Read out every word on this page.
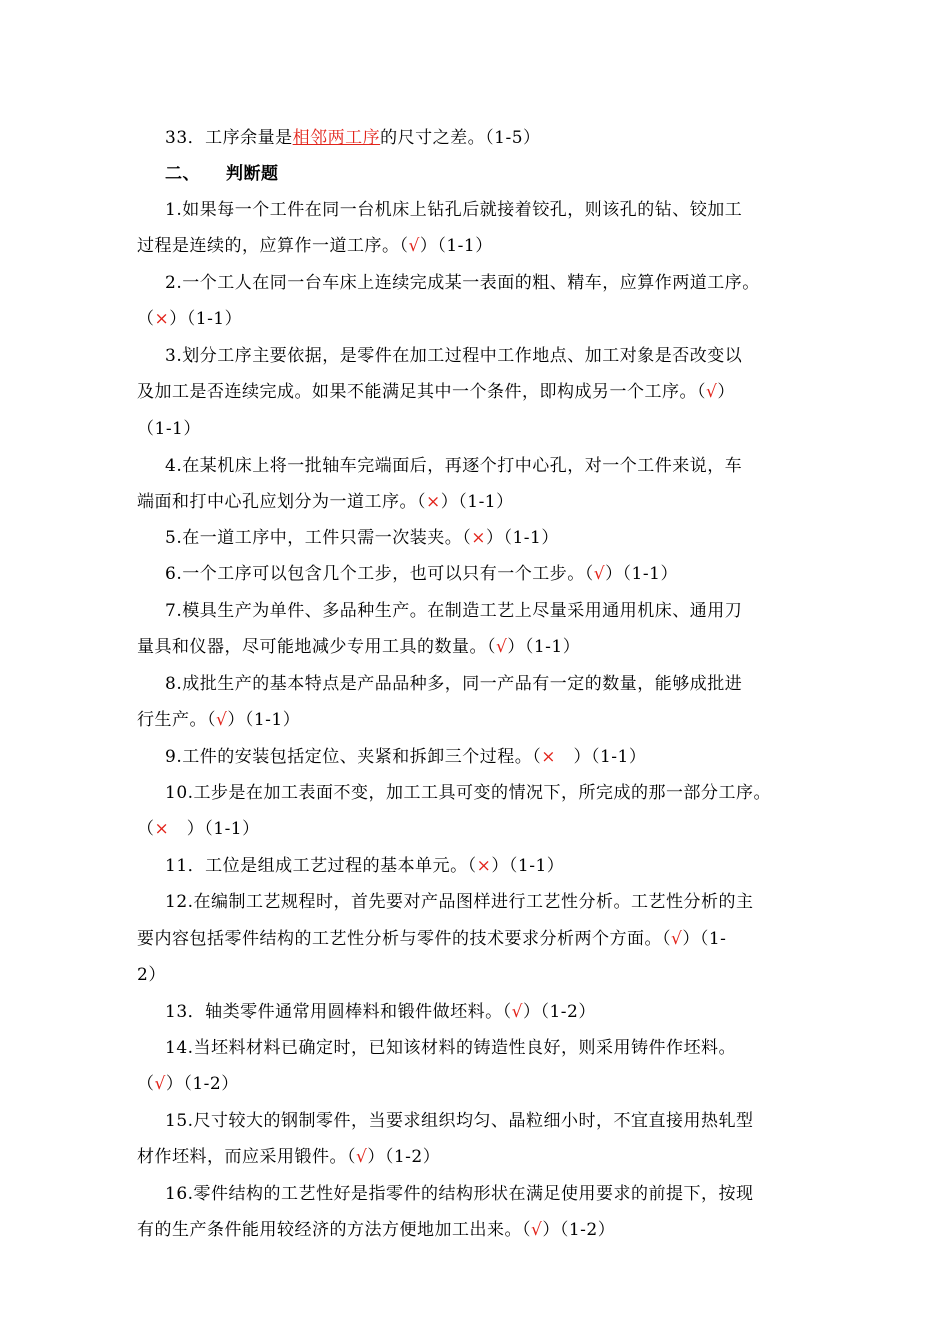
33．工序余量是相邻两工序的尺寸之差。（1-5）
二、 判断题
1.如果每一个工件在同一台机床上钻孔后就接着铰孔，则该孔的钻、铰加工
过程是连续的，应算作一道工序。（√）（1-1）
2.一个工人在同一台车床上连续完成某一表面的粗、精车，应算作两道工序。
（×）（1-1）
3.划分工序主要依据，是零件在加工过程中工作地点、加工对象是否改变以
及加工是否连续完成。如果不能满足其中一个条件，即构成另一个工序。（√）
（1-1）
4.在某机床上将一批轴车完端面后，再逐个打中心孔，对一个工件来说，车
端面和打中心孔应划分为一道工序。（×）（1-1）
5.在一道工序中，工件只需一次装夹。（×）（1-1）
6.一个工序可以包含几个工步，也可以只有一个工步。（√）（1-1）
7.模具生产为单件、多品种生产。在制造工艺上尽量采用通用机床、通用刀
量具和仪器，尽可能地减少专用工具的数量。（√）（1-1）
8.成批生产的基本特点是产品品种多，同一产品有一定的数量，能够成批进
行生产。（√）（1-1）
9.工件的安装包括定位、夹紧和拆卸三个过程。（×　）（1-1）
10.工步是在加工表面不变，加工工具可变的情况下，所完成的那一部分工序。
（×　）（1-1）
11．工位是组成工艺过程的基本单元。（×）（1-1）
12.在编制工艺规程时，首先要对产品图样进行工艺性分析。工艺性分析的主
要内容包括零件结构的工艺性分析与零件的技术要求分析两个方面。（√）（1-
2）
13．轴类零件通常用圆棒料和锻件做坯料。（√）（1-2）
14.当坯料材料已确定时，已知该材料的铸造性良好，则采用铸件作坯料。
（√）（1-2）
15.尺寸较大的钢制零件，当要求组织均匀、晶粒细小时，不宜直接用热轧型
材作坯料，而应采用锻件。（√）（1-2）
16.零件结构的工艺性好是指零件的结构形状在满足使用要求的前提下，按现
有的生产条件能用较经济的方法方便地加工出来。（√）（1-2）
